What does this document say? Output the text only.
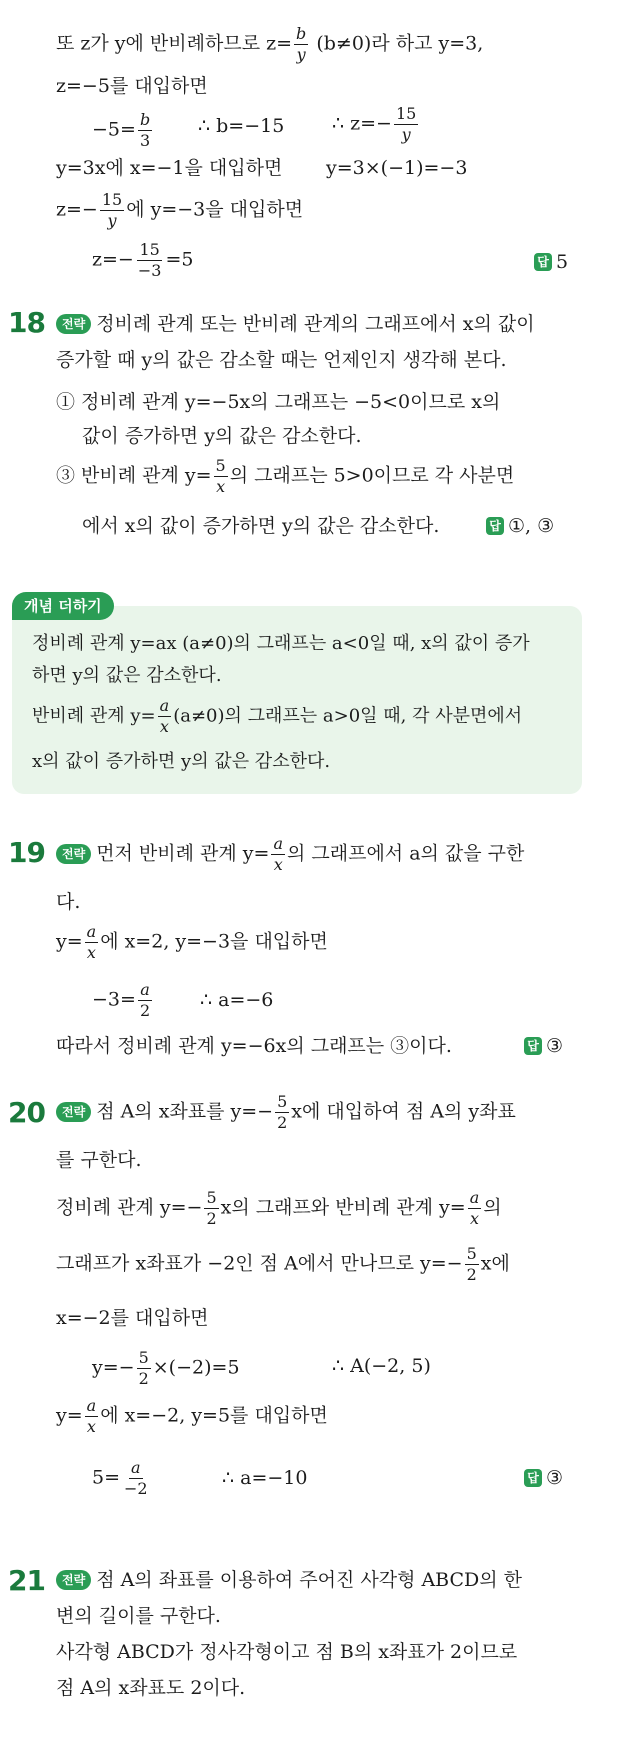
또 z가 y에 반비례하므로 $z= \frac{b}{y} (b\ne 0)$라 하고 y=3,
z=−5를 대입하면
$-5= \frac{b}{3}$ ∴ b=−15	∴ $z=- \frac{15}{y}$
y=3x에 x=−1을 대입하면 y=3×(−1)=−3
$z=- \frac{15}{y}$ 에 y=−3을 대입하면
$z=- \frac{15}{-3} =5$	답 5
18	전략 정비례 관계 또는 반비례 관계의 그래프에서 x의 값이
증가할 때 y의 값은 감소할 때는 언제인지 생각해 본다.
① 정비례 관계 y=−5x의 그래프는 −5<0이므로 x의
값이 증가하면 y의 값은 감소한다.
③ 반비례 관계 $y= \frac{5}{x}$ 의 그래프는 5>0이므로 각 사분면
에서 x의 값이 증가하면 y의 값은 감소한다.	답 ①, ③
개념 더하기
정비례 관계 y=ax (a≠0)의 그래프는 a<0일 때, x의 값이 증가
하면 y의 값은 감소한다.
반비례 관계 $y= \frac{a}{x} (a\ne 0)$의 그래프는 a>0일 때, 각 사분면에서
x의 값이 증가하면 y의 값은 감소한다.
19	전략 먼저 반비례 관계 $y= \frac{a}{x}$ 의 그래프에서 a의 값을 구한
다.
$y= \frac{a}{x}$ 에 x=2, y=−3을 대입하면
$-3= \frac{a}{2}$	∴ a=−6
따라서 정비례 관계 y=−6x의 그래프는 ③이다.	답 ③
20	전략 점 A의 x좌표를 $y=- \frac{5}{2}$ x에 대입하여 점 A의 y좌표
를 구한다.
정비례 관계 $y=- \frac{5}{2}$ x의 그래프와 반비례 관계 $y= \frac{a}{x}$ 의
그래프가 x좌표가 −2인 점 A에서 만나므로 $y=- \frac{5}{2}$ x에
x=−2를 대입하면
$y=- \frac{5}{2} \times(-2)=5$	∴ A(−2, 5)
$y= \frac{a}{x}$ 에 x=−2, y=5를 대입하면
$5= \frac{a}{-2}$	∴ a=−10	답 ③
21	전략 점 A의 좌표를 이용하여 주어진 사각형 ABCD의 한
변의 길이를 구한다.
사각형 ABCD가 정사각형이고 점 B의 x좌표가 2이므로
점 A의 x좌표도 2이다.
